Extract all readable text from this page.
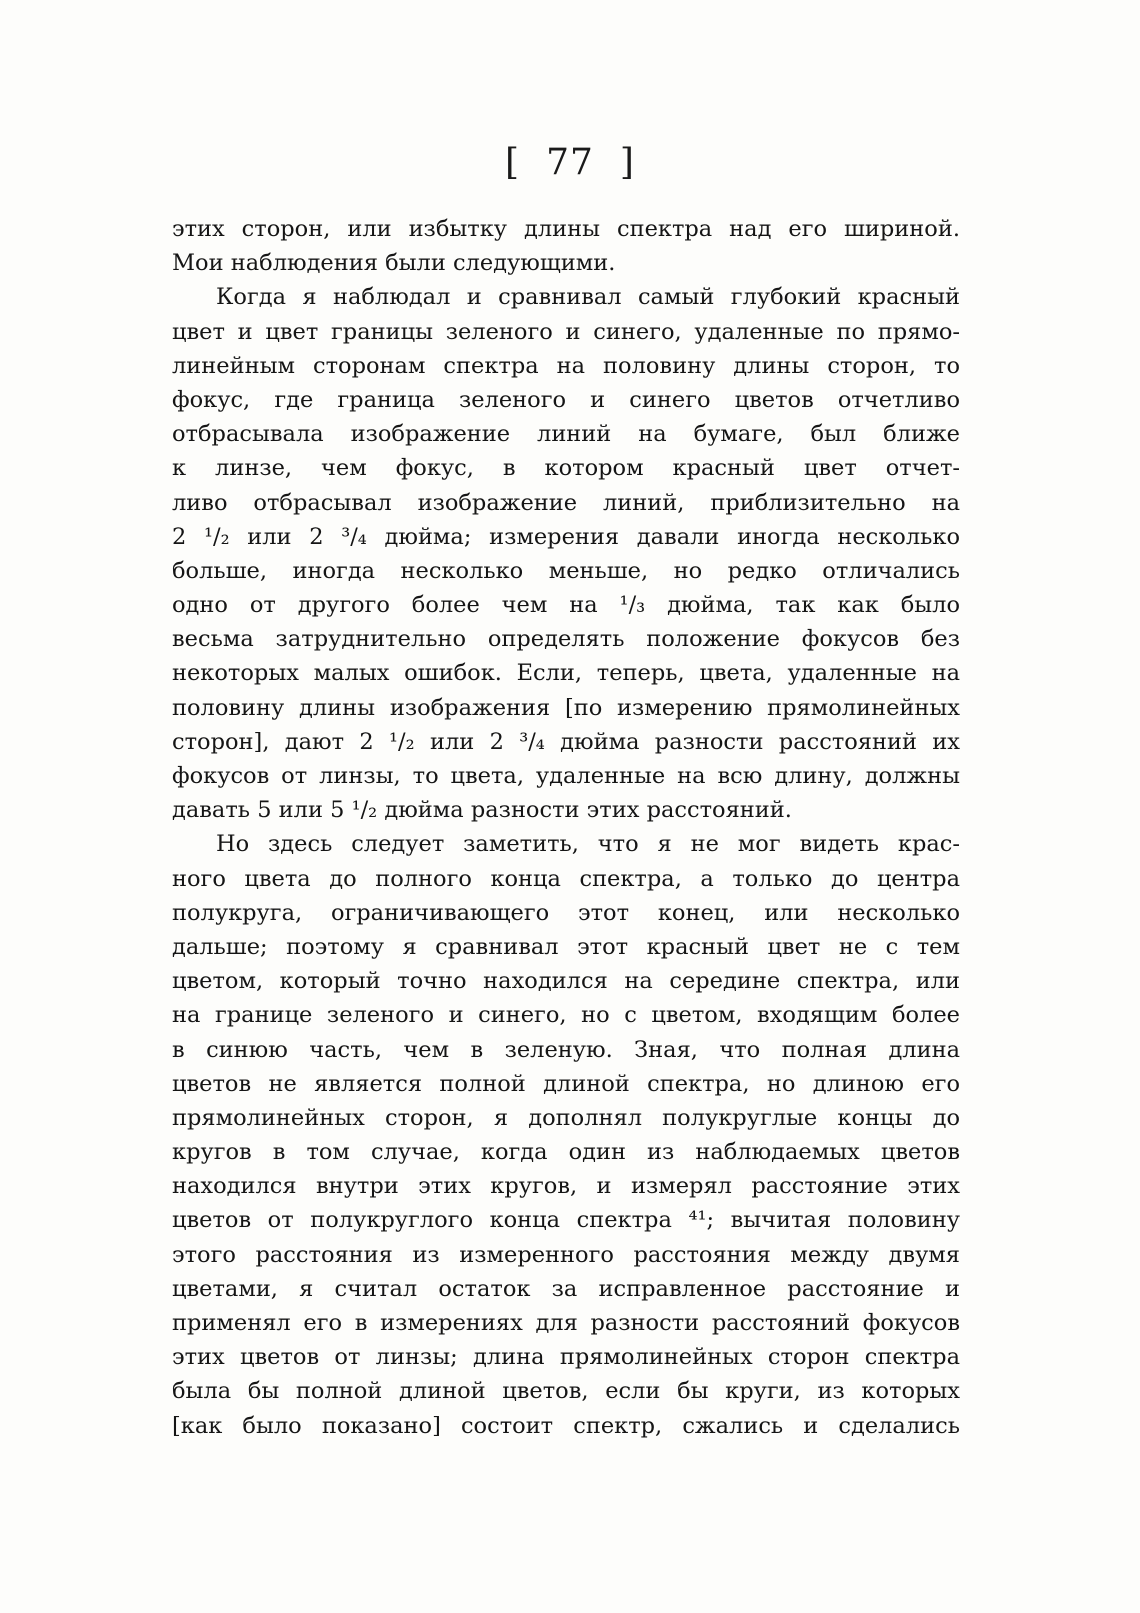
[ 77 ]
этих сторон, или избытку длины спектра над его шириной.
Мои наблюдения были следующими.
Когда я наблюдал и сравнивал самый глубокий красный
цвет и цвет границы зеленого и синего, удаленные по прямо-
линейным сторонам спектра на половину длины сторон, то
фокус, где граница зеленого и синего цветов отчетливо
отбрасывала изображение линий на бумаге, был ближе
к линзе, чем фокус, в котором красный цвет отчет-
ливо отбрасывал изображение линий, приблизительно на
2 ¹/₂ или 2 ³/₄ дюйма; измерения давали иногда несколько
больше, иногда несколько меньше, но редко отличались
одно от другого более чем на ¹/₃ дюйма, так как было
весьма затруднительно определять положение фокусов без
некоторых малых ошибок. Если, теперь, цвета, удаленные на
половину длины изображения [по измерению прямолинейных
сторон], дают 2 ¹/₂ или 2 ³/₄ дюйма разности расстояний их
фокусов от линзы, то цвета, удаленные на всю длину, должны
давать 5 или 5 ¹/₂ дюйма разности этих расстояний.
Но здесь следует заметить, что я не мог видеть крас-
ного цвета до полного конца спектра, а только до центра
полукруга, ограничивающего этот конец, или несколько
дальше; поэтому я сравнивал этот красный цвет не с тем
цветом, который точно находился на середине спектра, или
на границе зеленого и синего, но с цветом, входящим более
в синюю часть, чем в зеленую. Зная, что полная длина
цветов не является полной длиной спектра, но длиною его
прямолинейных сторон, я дополнял полукруглые концы до
кругов в том случае, когда один из наблюдаемых цветов
находился внутри этих кругов, и измерял расстояние этих
цветов от полукруглого конца спектра ⁴¹; вычитая половину
этого расстояния из измеренного расстояния между двумя
цветами, я считал остаток за исправленное расстояние и
применял его в измерениях для разности расстояний фокусов
этих цветов от линзы; длина прямолинейных сторон спектра
была бы полной длиной цветов, если бы круги, из которых
[как было показано] состоит спектр, сжались и сделались
